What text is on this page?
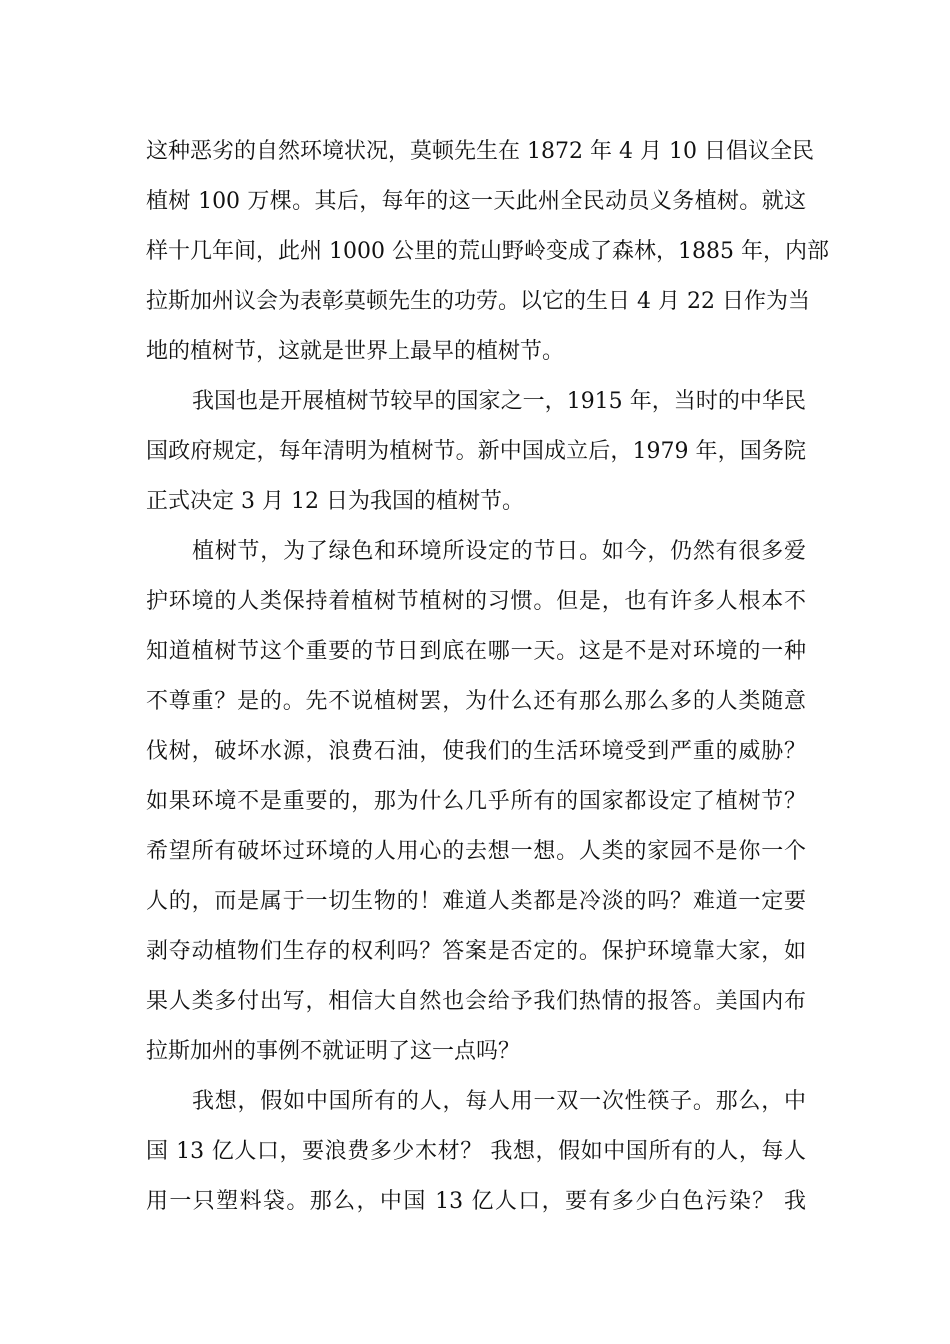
这种恶劣的自然环境状况，莫顿先生在 1872 年 4 月 10 日倡议全民
植树 100 万棵。其后，每年的这一天此州全民动员义务植树。就这
样十几年间，此州 1000 公里的荒山野岭变成了森林，1885 年，内部
拉斯加州议会为表彰莫顿先生的功劳。以它的生日 4 月 22 日作为当
地的植树节，这就是世界上最早的植树节。
我国也是开展植树节较早的国家之一，1915 年，当时的中华民
国政府规定，每年清明为植树节。新中国成立后，1979 年，国务院
正式决定 3 月 12 日为我国的植树节。
植树节，为了绿色和环境所设定的节日。如今，仍然有很多爱
护环境的人类保持着植树节植树的习惯。但是，也有许多人根本不
知道植树节这个重要的节日到底在哪一天。这是不是对环境的一种
不尊重？是的。先不说植树罢，为什么还有那么那么多的人类随意
伐树，破坏水源，浪费石油，使我们的生活环境受到严重的威胁？
如果环境不是重要的，那为什么几乎所有的国家都设定了植树节？
希望所有破坏过环境的人用心的去想一想。人类的家园不是你一个
人的，而是属于一切生物的！难道人类都是冷淡的吗？难道一定要
剥夺动植物们生存的权利吗？答案是否定的。保护环境靠大家，如
果人类多付出写，相信大自然也会给予我们热情的报答。美国内布
拉斯加州的事例不就证明了这一点吗？
我想，假如中国所有的人，每人用一双一次性筷子。那么，中
国 13 亿人口，要浪费多少木材？ 我想，假如中国所有的人，每人
用一只塑料袋。那么，中国 13 亿人口，要有多少白色污染？ 我
